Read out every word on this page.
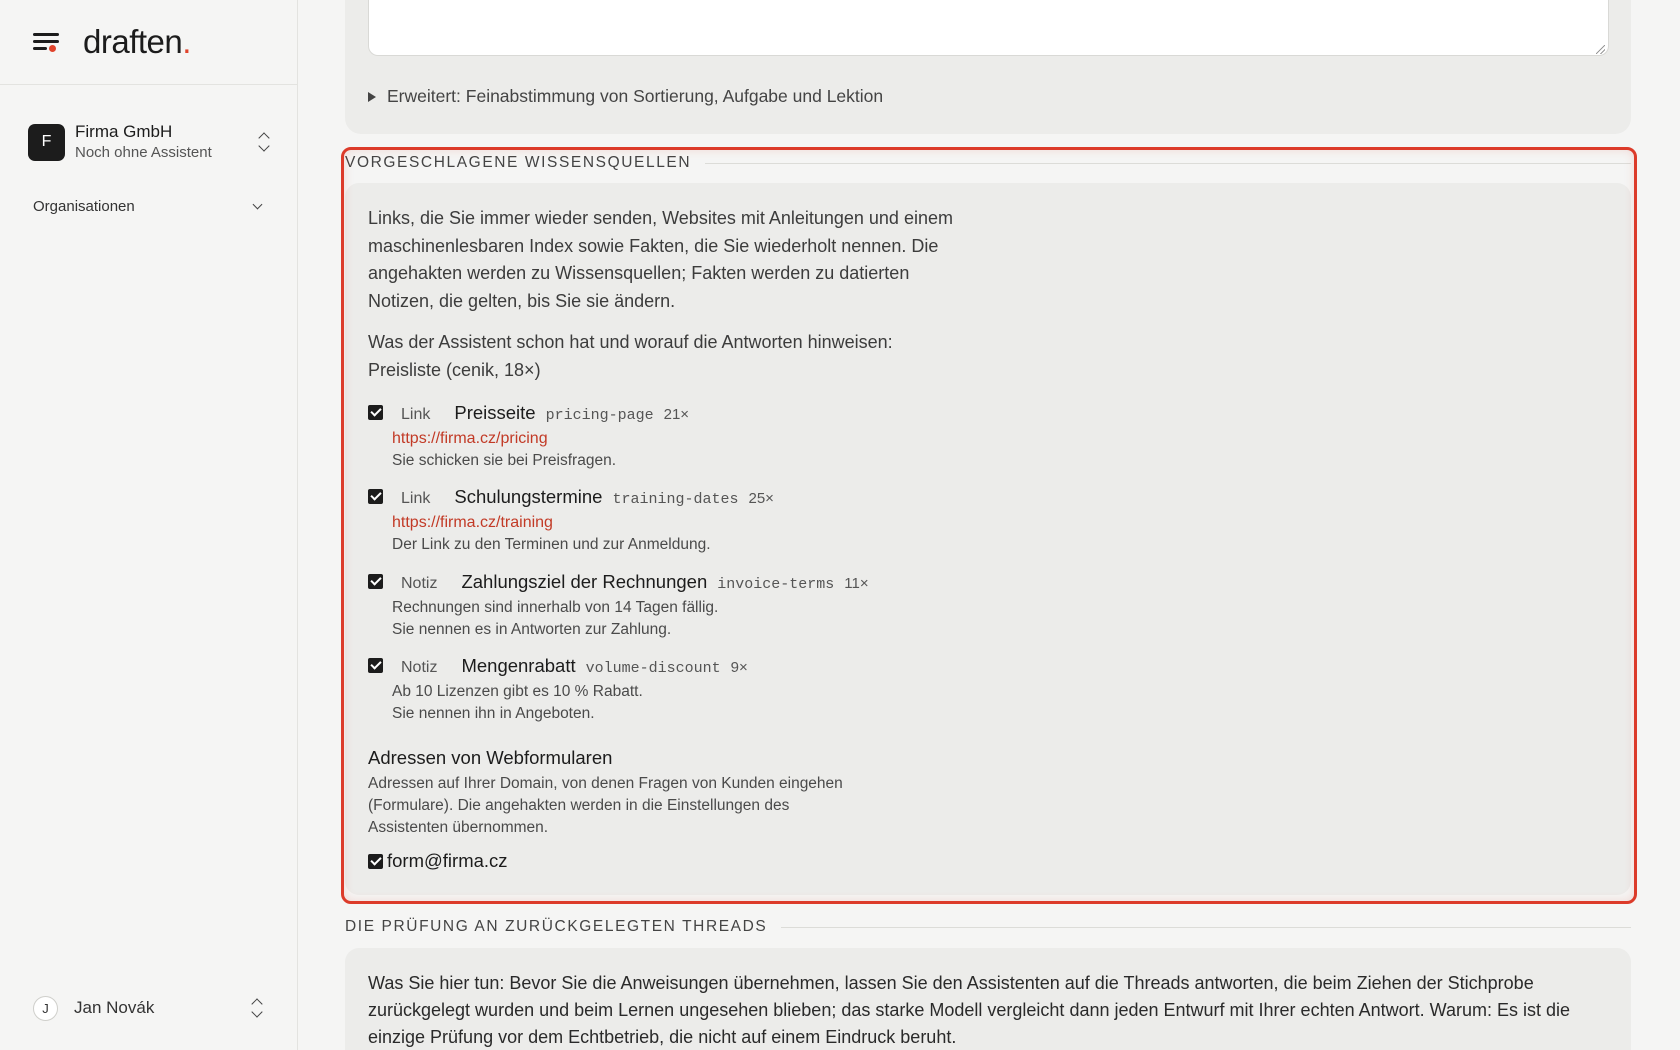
draften.
F
Firma GmbH
Noch ohne Assistent
Organisationen
J	Jan Novák
Erweitert: Feinabstimmung von Sortierung, Aufgabe und Lektion
VORGESCHLAGENE WISSENSQUELLEN

Links, die Sie immer wieder senden, Websites mit Anleitungen und einem maschinenlesbaren Index sowie Fakten, die Sie wiederholt nennen. Die angehakten werden zu Wissensquellen; Fakten werden zu datierten Notizen, die gelten, bis Sie sie ändern.

Was der Assistent schon hat und worauf die Antworten hinweisen:
Preisliste (cenik, 18×)
Link Preisseite pricing-page 21×
https://firma.cz/pricing
Sie schicken sie bei Preisfragen.
Link Schulungstermine training-dates 25×
https://firma.cz/training
Der Link zu den Terminen und zur Anmeldung.
Notiz Zahlungsziel der Rechnungen invoice-terms 11×
Rechnungen sind innerhalb von 14 Tagen fällig.
Sie nennen es in Antworten zur Zahlung.
Notiz Mengenrabatt volume-discount 9×
Ab 10 Lizenzen gibt es 10 % Rabatt.
Sie nennen ihn in Angeboten.
Adressen von Webformularen
Adressen auf Ihrer Domain, von denen Fragen von Kunden eingehen (Formulare). Die angehakten werden in die Einstellungen des Assistenten übernommen.
form@firma.cz
DIE PRÜFUNG AN ZURÜCKGELEGTEN THREADS

Was Sie hier tun: Bevor Sie die Anweisungen übernehmen, lassen Sie den Assistenten auf die Threads antworten, die beim Ziehen der Stichprobe zurückgelegt wurden und beim Lernen ungesehen blieben; das starke Modell vergleicht dann jeden Entwurf mit Ihrer echten Antwort. Warum: Es ist die einzige Prüfung vor dem Echtbetrieb, die nicht auf einem Eindruck beruht.
